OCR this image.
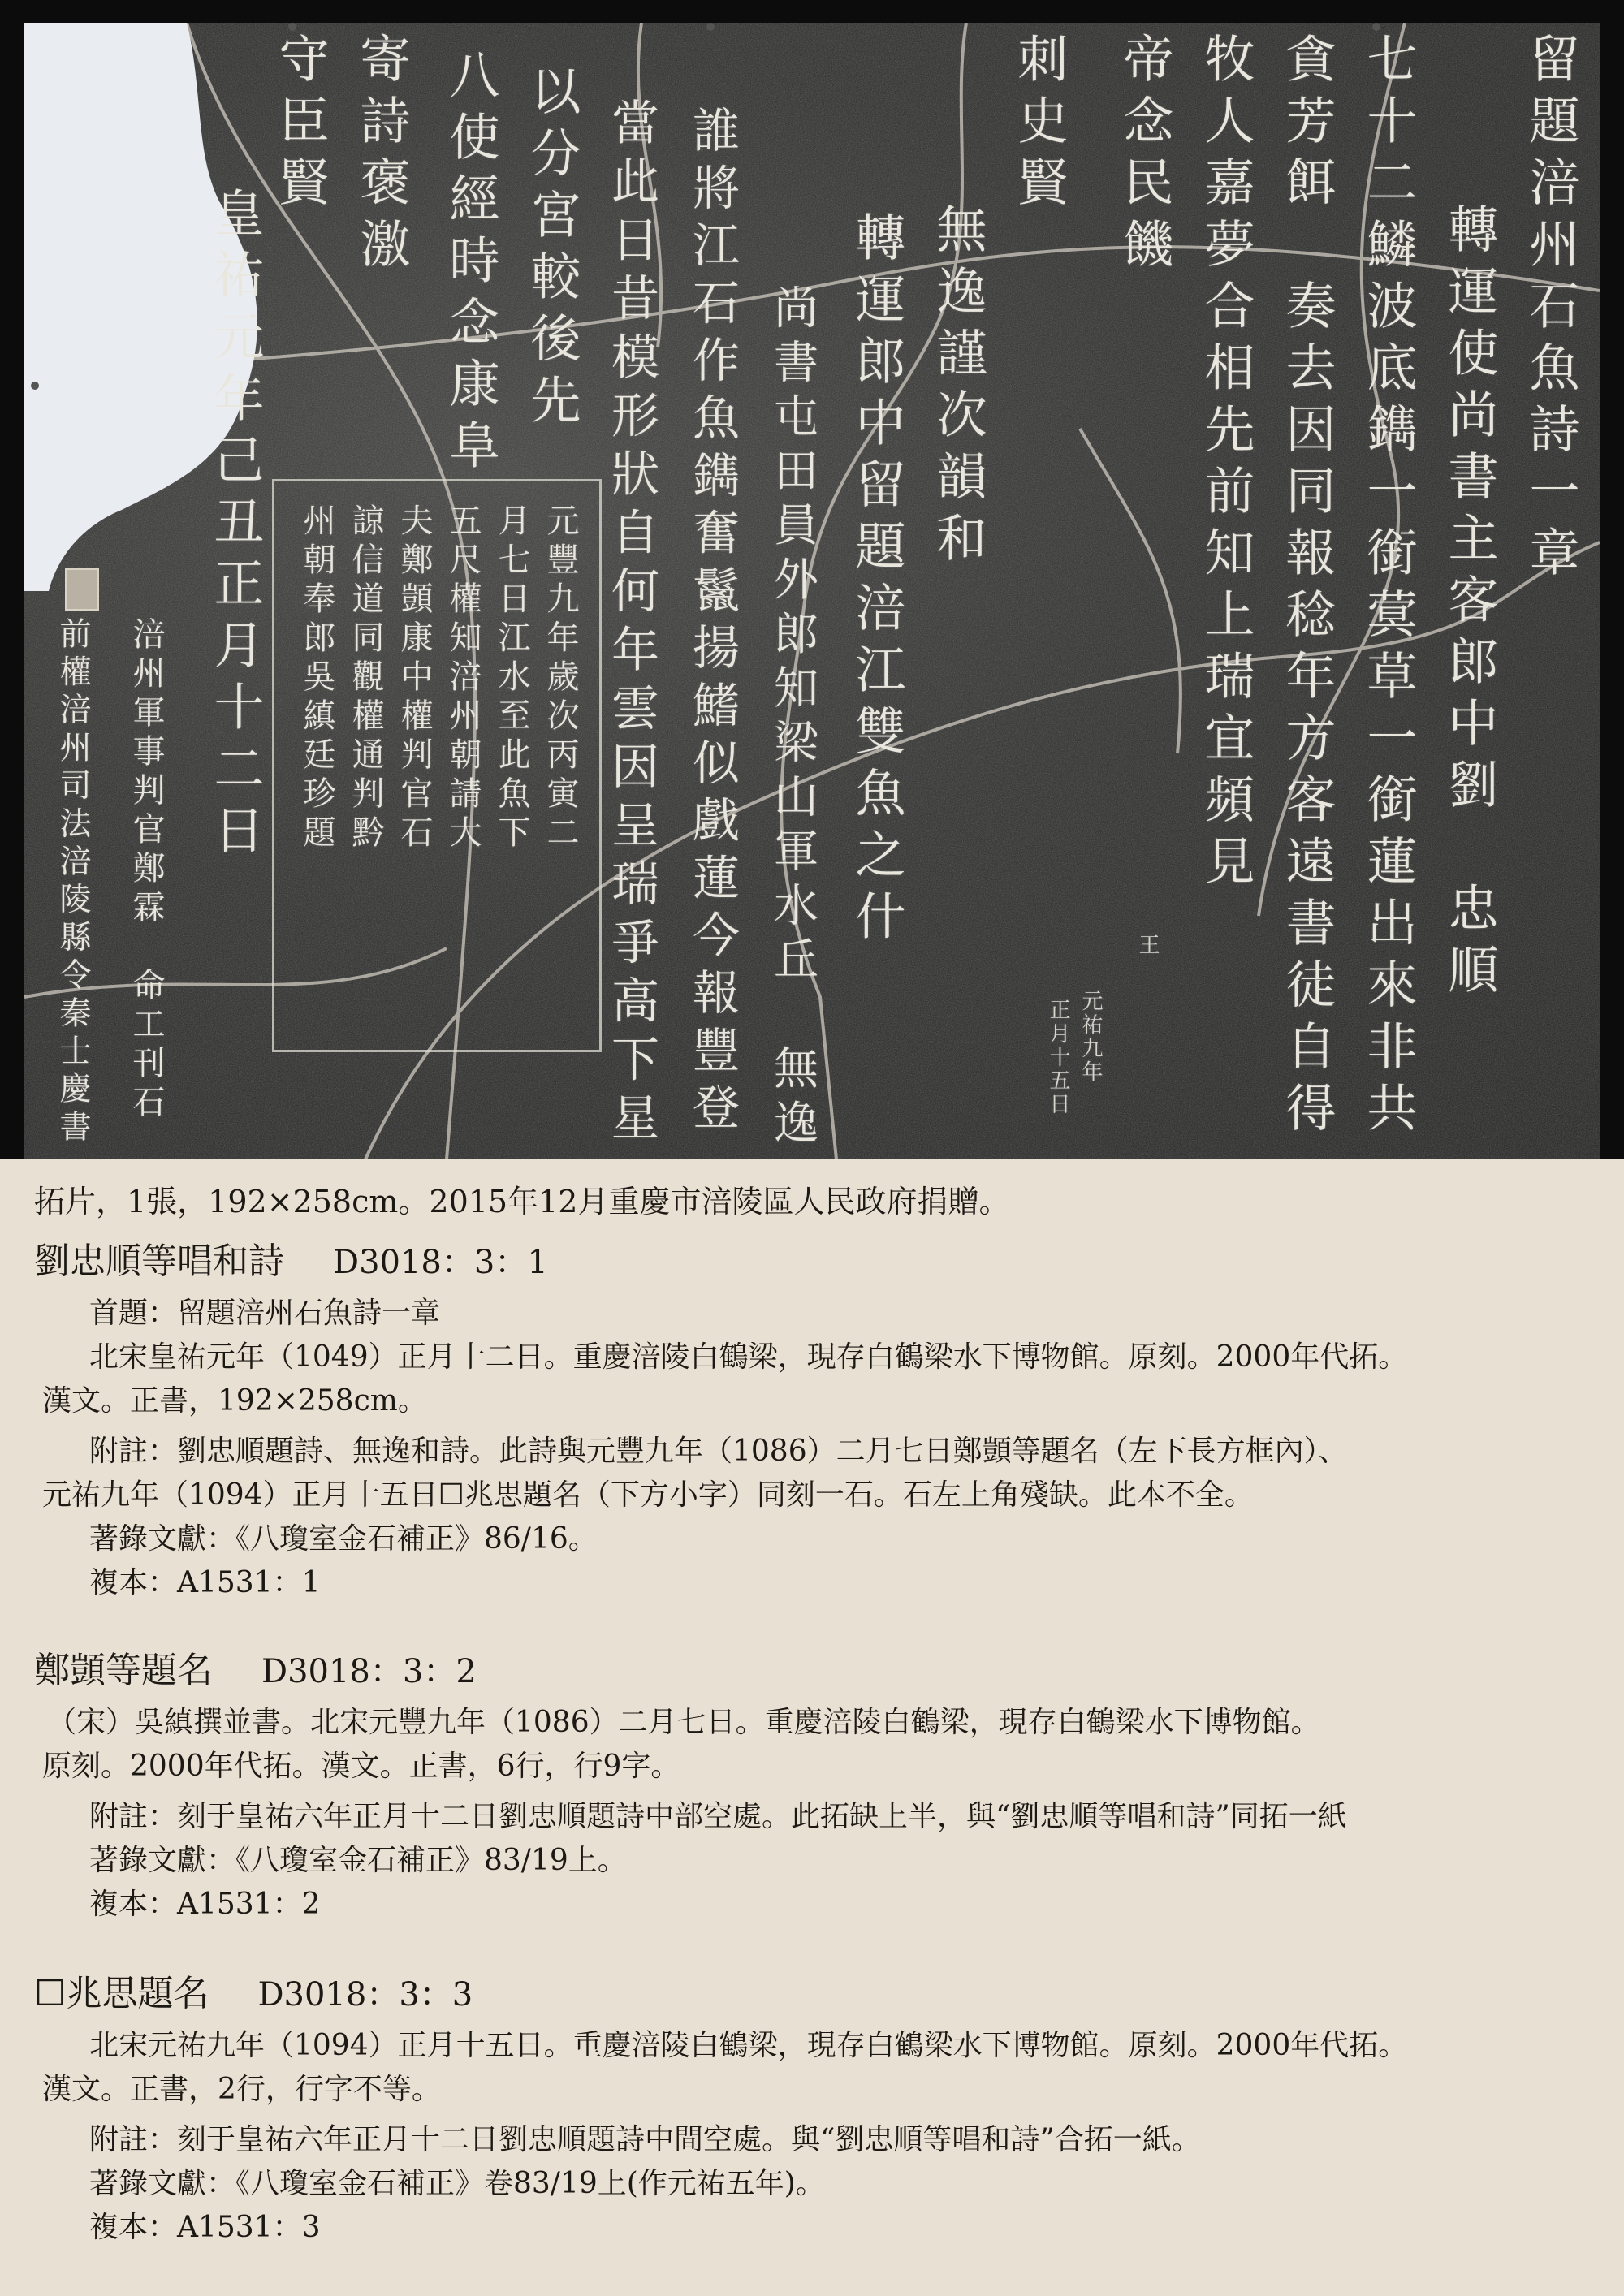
留題涪州石魚詩一章
轉運使尚書主客郎中劉　忠順
七十二鱗波底鐫一銜蓂草一銜蓮出來非共
貪芳餌　奏去因同報稔年方客遠書徒自得
牧人嘉夢合相先前知上瑞宜頻見
帝念民饑
刺史賢
無逸謹次韻和
轉運郎中留題涪江雙魚之什
尚書屯田員外郎知梁山軍水丘　無逸
誰將江石作魚鐫奮鬣揚鰭似戲蓮今報豐登
當此日昔模形狀自何年雲因呈瑞爭高下星
以分宮較後先
八使經時念康阜
寄詩褒激
守臣賢
皇祐元年己丑正月十二日
涪州軍事判官鄭霖　命工刊石
前權涪州司法涪陵縣令秦士慶書	元豐九年歲次丙寅二
月七日江水至此魚下
五尺權知涪州朝請大
夫鄭顗康中權判官石
諒信道同觀權通判黔
州朝奉郎吳縝廷珍題
王　　　　　　
　元祐九年　
正月十五日
拓片，1張，192×258cm。2015年12月重慶市涪陵區人民政府捐贈。
劉忠順等唱和詩 D3018：3：1
首題：留題涪州石魚詩一章
北宋皇祐元年（1049）正月十二日。重慶涪陵白鶴梁，現存白鶴梁水下博物館。原刻。2000年代拓。
漢文。正書，192×258cm。
附註：劉忠順題詩、無逸和詩。此詩與元豐九年（1086）二月七日鄭顗等題名（左下長方框內）、
元祐九年（1094）正月十五日☐兆思題名（下方小字）同刻一石。石左上角殘缺。此本不全。
著錄文獻：《八瓊室金石補正》86/16。
複本：A1531：1
鄭顗等題名 D3018：3：2
（宋）吳縝撰並書。北宋元豐九年（1086）二月七日。重慶涪陵白鶴梁，現存白鶴梁水下博物館。
原刻。2000年代拓。漢文。正書，6行，行9字。
附註：刻于皇祐六年正月十二日劉忠順題詩中部空處。此拓缺上半，與“劉忠順等唱和詩”同拓一紙
著錄文獻：《八瓊室金石補正》83/19上。
複本：A1531：2
☐兆思題名 D3018：3：3
北宋元祐九年（1094）正月十五日。重慶涪陵白鶴梁，現存白鶴梁水下博物館。原刻。2000年代拓。
漢文。正書，2行，行字不等。
附註：刻于皇祐六年正月十二日劉忠順題詩中間空處。與“劉忠順等唱和詩”合拓一紙。
著錄文獻：《八瓊室金石補正》卷83/19上(作元祐五年)。
複本：A1531：3
